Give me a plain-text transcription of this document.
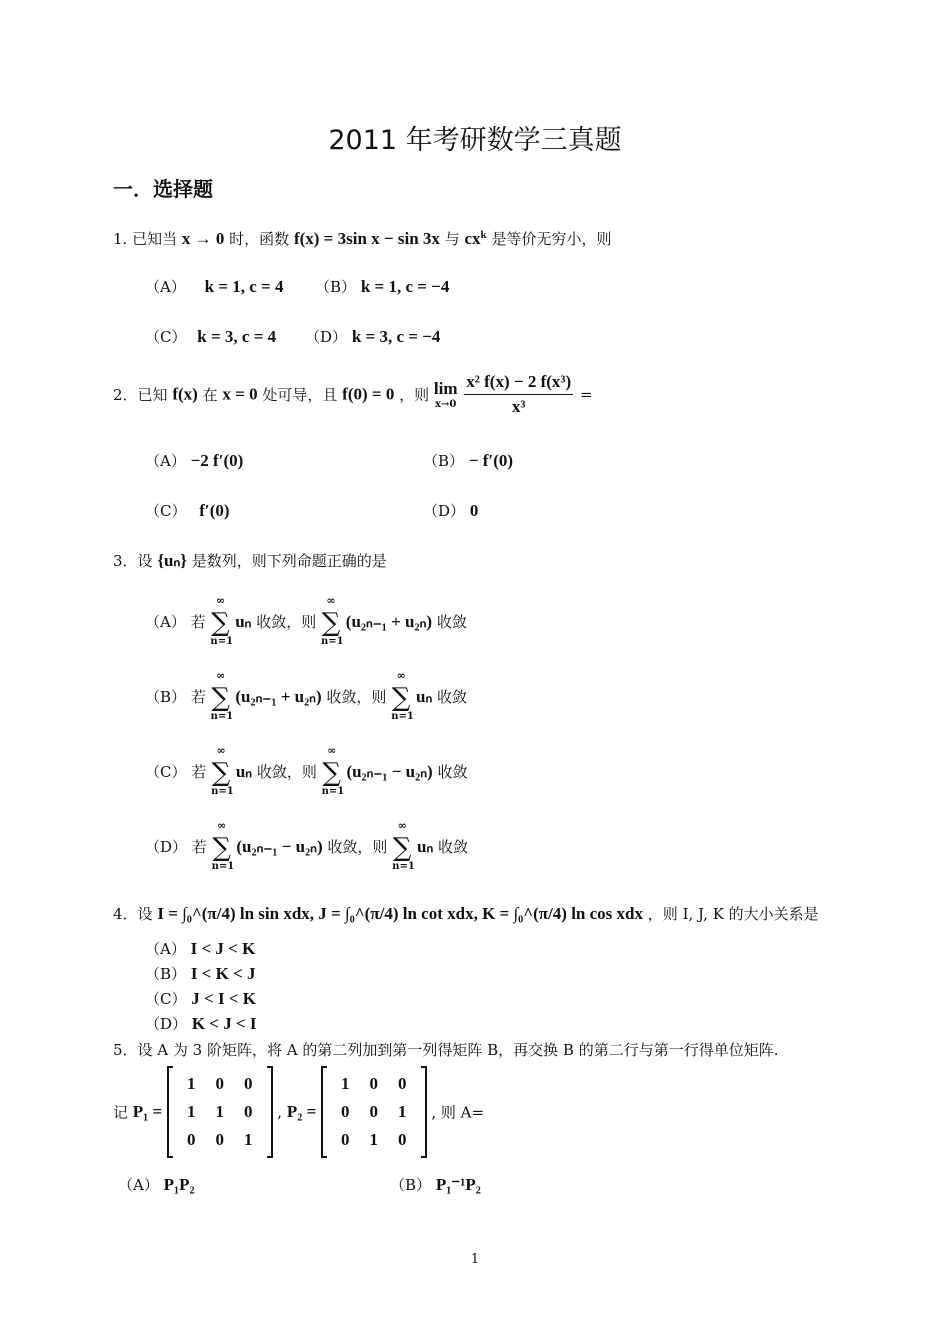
2011 年考研数学三真题
一．选择题
1. 已知当 x → 0 时，函数 f(x) = 3sin x − sin 3x 与 $cx^k$ 是等价无穷小，则
（A） k = 1, c = 4 （B） k = 1, c = −4
（C） k = 3, c = 4 （D） k = 3, c = −4
2．已知 f(x) 在 x = 0 处可导，且 f(0) = 0 ，则 lim
x→0
$\frac{\text{x² f(x) − 2 f(x³)}}{\text{x³}}$ =
（A） −2 f′(0)	（B） − f′(0)
（C） f′(0)	（D） 0
3．设 {uₙ} 是数列，则下列命题正确的是
（A） 若
∞
∑
n=1
uₙ 收敛，则
∞
∑
n=1
(u₂ₙ₋₁ + u₂ₙ) 收敛
（B） 若
∞
∑
n=1
(u₂ₙ₋₁ + u₂ₙ) 收敛，则
∞
∑
n=1
uₙ 收敛
（C） 若
∞
∑
n=1
uₙ 收敛，则
∞
∑
n=1
(u₂ₙ₋₁ − u₂ₙ) 收敛
（D） 若
∞
∑
n=1
(u₂ₙ₋₁ − u₂ₙ) 收敛，则
∞
∑
n=1
uₙ 收敛
4．设 I = ∫₀^(π/4) ln sin xdx, J = ∫₀^(π/4) ln cot xdx, K = ∫₀^(π/4) ln cos xdx ，则 I, J, K 的大小关系是
（A） I < J < K
（B） I < K < J
（C） J < I < K
（D） K < J < I
5．设 A 为 3 阶矩阵，将 A 的第二列加到第一列得矩阵 B，再交换 B 的第二行与第一行得单位矩阵.
记 P₁ =
1	0	0
1	1	0
0	0	1
, P₂ =
1	0	0
0	0	1
0	1	0
, 则 A=
（A） P₁P₂	（B） P₁⁻¹P₂
1
